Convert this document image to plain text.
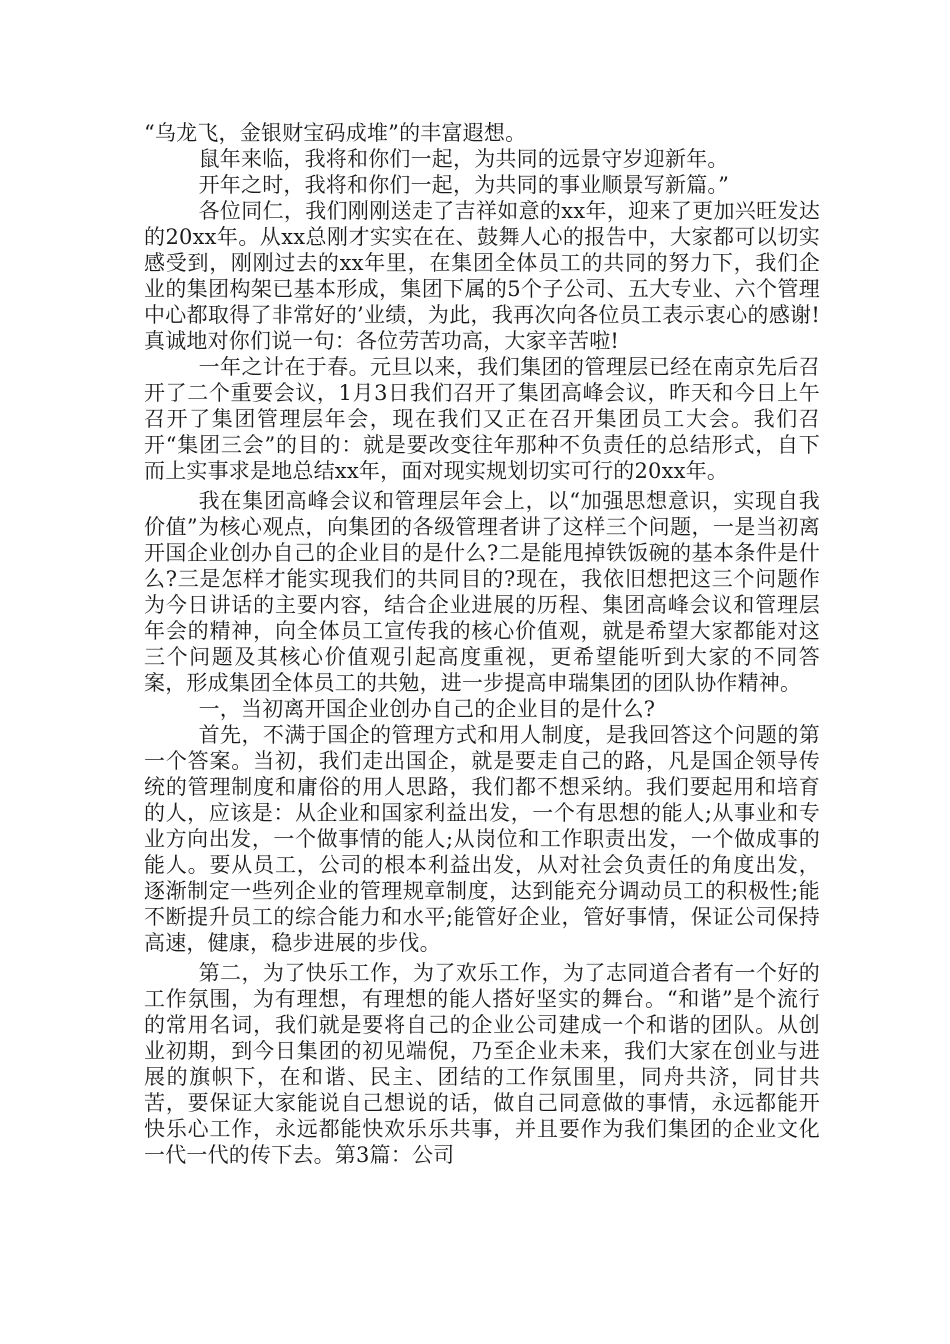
“乌龙飞，金银财宝码成堆”的丰富遐想。

鼠年来临，我将和你们一起，为共同的远景守岁迎新年。

开年之时，我将和你们一起，为共同的事业顺景写新篇。”

各位同仁，我们刚刚送走了吉祥如意的xx年，迎来了更加兴旺发达的20xx年。从xx总刚才实实在在、鼓舞人心的报告中，大家都可以切实感受到，刚刚过去的xx年里，在集团全体员工的共同的努力下，我们企业的集团构架已基本形成，集团下属的5个子公司、五大专业、六个管理中心都取得了非常好的’业绩，为此，我再次向各位员工表示衷心的感谢!真诚地对你们说一句：各位劳苦功高，大家辛苦啦!

一年之计在于春。元旦以来，我们集团的管理层已经在南京先后召开了二个重要会议，1月3日我们召开了集团高峰会议，昨天和今日上午召开了集团管理层年会，现在我们又正在召开集团员工大会。我们召开“集团三会”的目的：就是要改变往年那种不负责任的总结形式，自下而上实事求是地总结xx年，面对现实规划切实可行的20xx年。

我在集团高峰会议和管理层年会上，以“加强思想意识，实现自我价值”为核心观点，向集团的各级管理者讲了这样三个问题，一是当初离开国企业创办自己的企业目的是什么?二是能甩掉铁饭碗的基本条件是什么?三是怎样才能实现我们的共同目的?现在，我依旧想把这三个问题作为今日讲话的主要内容，结合企业进展的历程、集团高峰会议和管理层年会的精神，向全体员工宣传我的核心价值观，就是希望大家都能对这三个问题及其核心价值观引起高度重视，更希望能听到大家的不同答案，形成集团全体员工的共勉，进一步提高申瑞集团的团队协作精神。

一，当初离开国企业创办自己的企业目的是什么?

首先，不满于国企的管理方式和用人制度，是我回答这个问题的第一个答案。当初，我们走出国企，就是要走自己的路，凡是国企领导传统的管理制度和庸俗的用人思路，我们都不想采纳。我们要起用和培育的人，应该是：从企业和国家利益出发，一个有思想的能人;从事业和专业方向出发，一个做事情的能人;从岗位和工作职责出发，一个做成事的能人。要从员工，公司的根本利益出发，从对社会负责任的角度出发，逐渐制定一些列企业的管理规章制度，达到能充分调动员工的积极性;能不断提升员工的综合能力和水平;能管好企业，管好事情，保证公司保持高速，健康，稳步进展的步伐。

第二，为了快乐工作，为了欢乐工作，为了志同道合者有一个好的工作氛围，为有理想，有理想的能人搭好坚实的舞台。“和谐”是个流行的常用名词，我们就是要将自己的企业公司建成一个和谐的团队。从创业初期，到今日集团的初见端倪，乃至企业未来，我们大家在创业与进展的旗帜下，在和谐、民主、团结的工作氛围里，同舟共济，同甘共苦，要保证大家能说自己想说的话，做自己同意做的事情，永远都能开快乐心工作，永远都能快欢乐乐共事，并且要作为我们集团的企业文化一代一代的传下去。第3篇：公司
